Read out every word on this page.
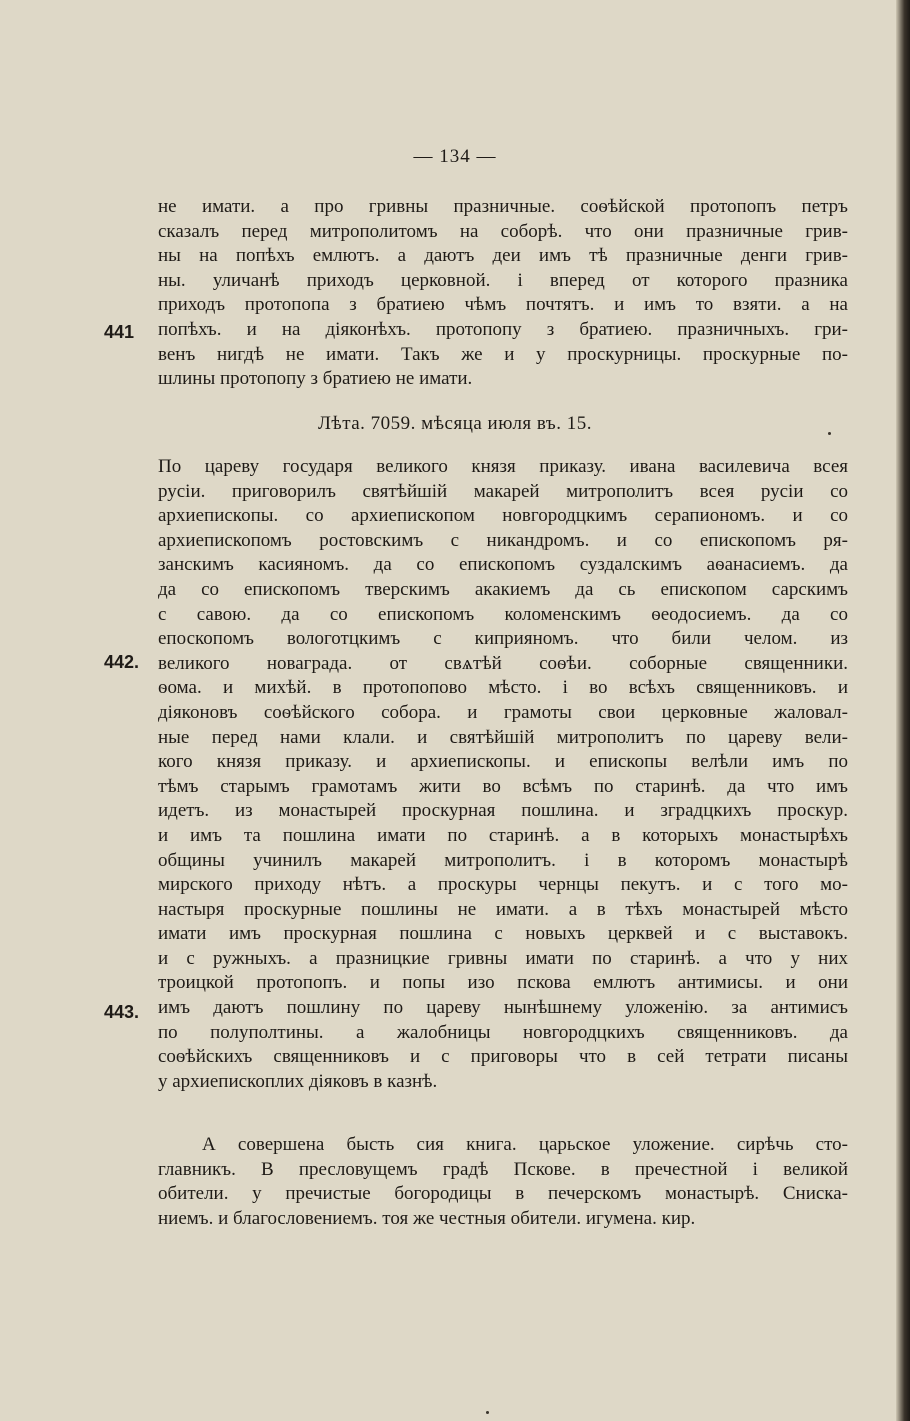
— 134 —
не имати. а про гривны празничные. соѳѣйской протопопъ петръ
сказалъ перед митрополитомъ на соборѣ. что они празничные грив-
ны на попѣхъ емлютъ. а даютъ деи имъ тѣ празничные денги грив-
ны. уличанѣ приходъ церковной. і вперед от которого празника
приходъ протопопа з братиею чѣмъ почтятъ. и имъ то взяти. а на
попѣхъ. и на діяконѣхъ. протопопу з братиею. празничныхъ. гри-
венъ нигдѣ не имати. Такъ же и у проскурницы. проскурные по-
шлины протопопу з братиею не имати.
Лѣта. 7059. мѣсяца июля въ. 15.
По цареву государя великого князя приказу. ивана василевича всея
русіи. приговорилъ святѣйшій макарей митрополитъ всея русіи со
архиепископы. со архиепископом новгородцкимъ серапиономъ. и со
архиепископомъ ростовскимъ с никандромъ. и со епископомъ ря-
занскимъ касияномъ. да со епископомъ суздалскимъ аѳанасиемъ. да
да со епископомъ тверскимъ акакиемъ да сь епископом сарскимъ
с савою. да со епископомъ коломенскимъ ѳеодосиемъ. да со
епоскопомъ вологотцкимъ с киприяномъ. что били челом. из
великого новаграда. от свѧтѣй соѳѣи. соборные священники.
ѳома. и михѣй. в протопопово мѣсто. і во всѣхъ священниковъ. и
діяконовъ соѳѣйского собора. и грамоты свои церковные жаловал-
ные перед нами клали. и святѣйшій митрополитъ по цареву вели-
кого князя приказу. и архиепископы. и епископы велѣли имъ по
тѣмъ старымъ грамотамъ жити во всѣмъ по старинѣ. да что имъ
идетъ. из монастырей проскурная пошлина. и зградцкихъ проскур.
и имъ та пошлина имати по старинѣ. а в которыхъ монастырѣхъ
общины учинилъ макарей митрополитъ. і в которомъ монастырѣ
мирского приходу нѣтъ. а проскуры чернцы пекутъ. и с того мо-
настыря проскурные пошлины не имати. а в тѣхъ монастырей мѣсто
имати имъ проскурная пошлина с новыхъ церквей и с выставокъ.
и с ружныхъ. а празницкие гривны имати по старинѣ. а что у них
троицкой протопопъ. и попы изо пскова емлютъ антимисы. и они
имъ даютъ пошлину по цареву нынѣшнему уложенію. за антимисъ
по полуполтины. а жалобницы новгородцкихъ священниковъ. да
соѳѣйскихъ священниковъ и с приговоры что в сей тетрати писаны
у архиепископлих діяковъ в казнѣ.
А совершена бысть сия книга. царьское уложение. сирѣчь сто-
главникъ. В пресловущемъ градѣ Пскове. в пречестной і великой
обители. у пречистые богородицы в печерскомъ монастырѣ. Сниска-
ниемъ. и благословениемъ. тоя же честныя обители. игумена. кир.
441
442.
443.
